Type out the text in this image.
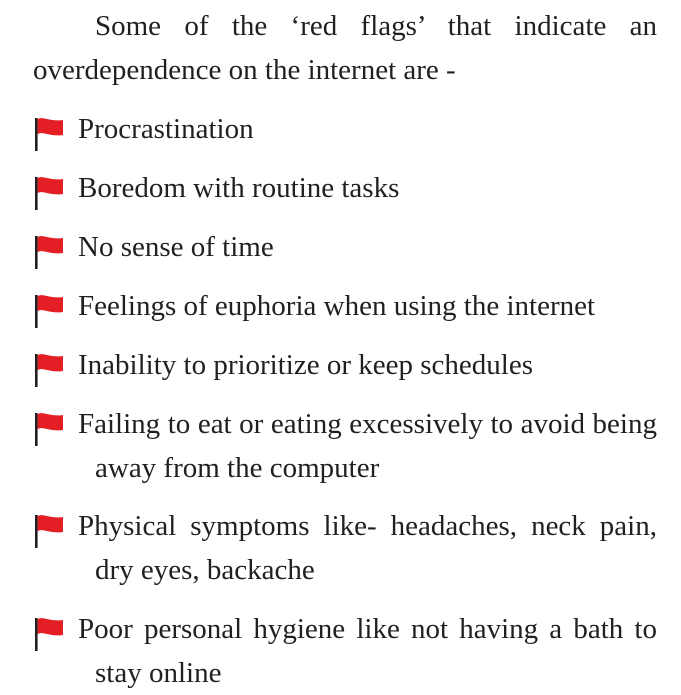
Some of the ‘red flags’ that indicate an overdependence on the internet are -

Procrastination
Boredom with routine tasks
No sense of time
Feelings of euphoria when using the internet
Inability to prioritize or keep schedules
Failing to eat or eating excessively to avoid being away from the computer
Physical symptoms like- headaches, neck pain, dry eyes, backache
Poor personal hygiene like not having a bath to stay online
